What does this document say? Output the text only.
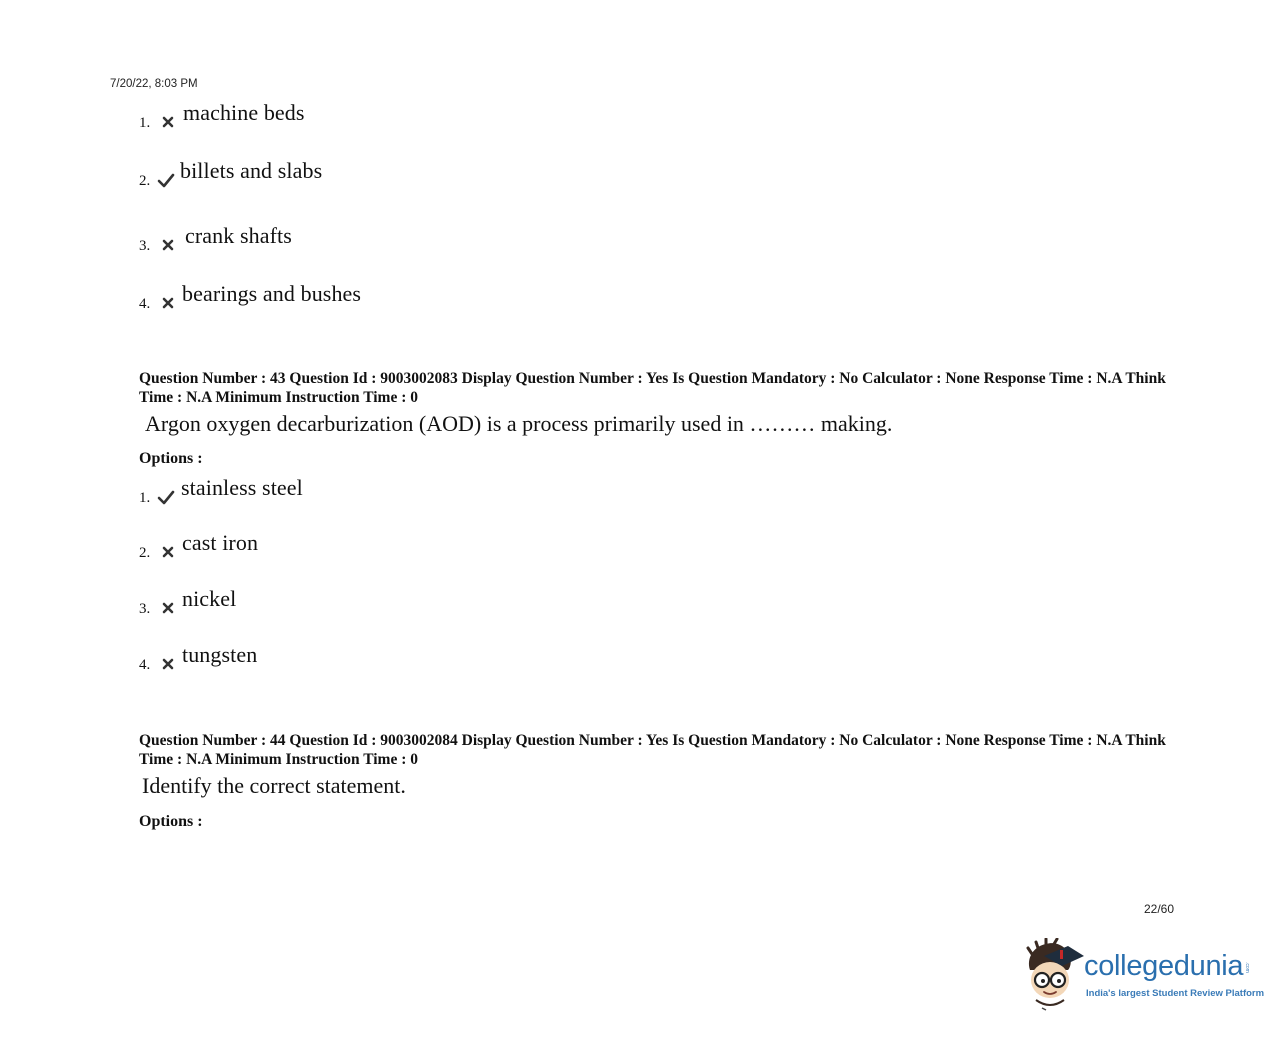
7/20/22, 8:03 PM
1. machine beds
2. billets and slabs
3. crank shafts
4. bearings and bushes
Question Number : 43 Question Id : 9003002083 Display Question Number : Yes Is Question Mandatory : No Calculator : None Response Time : N.A Think Time : N.A Minimum Instruction Time : 0
Argon oxygen decarburization (AOD) is a process primarily used in ……… making.
Options :
1. stainless steel
2. cast iron
3. nickel
4. tungsten
Question Number : 44 Question Id : 9003002084 Display Question Number : Yes Is Question Mandatory : No Calculator : None Response Time : N.A Think Time : N.A Minimum Instruction Time : 0
Identify the correct statement.
Options :
22/60
collegedunia .com
India's largest Student Review Platform
